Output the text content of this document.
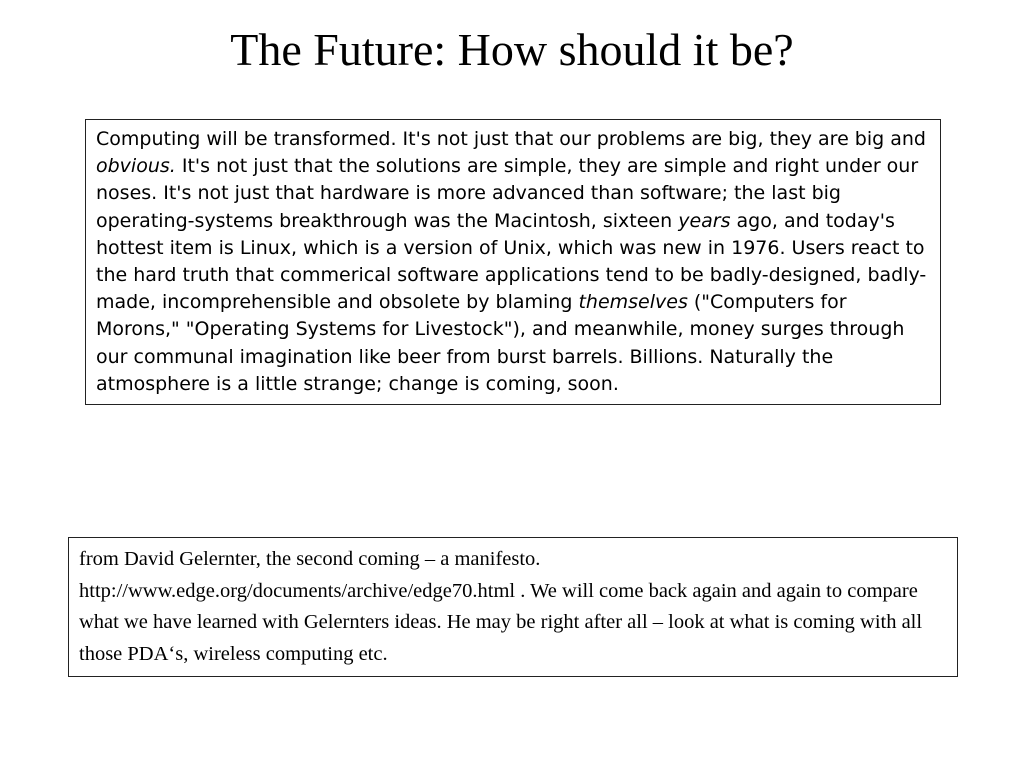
The Future: How should it be?

Computing will be transformed. It's not just that our problems are big, they are big and obvious. It's not just that the solutions are simple, they are simple and right under our noses. It's not just that hardware is more advanced than software; the last big operating-systems breakthrough was the Macintosh, sixteen years ago, and today's hottest item is Linux, which is a version of Unix, which was new in 1976. Users react to the hard truth that commerical software applications tend to be badly-designed, badly-made, incomprehensible and obsolete by blaming themselves ("Computers for Morons," "Operating Systems for Livestock"), and meanwhile, money surges through our communal imagination like beer from burst barrels. Billions. Naturally the atmosphere is a little strange; change is coming, soon.

from David Gelernter, the second coming – a manifesto. http://www.edge.org/documents/archive/edge70.html . We will come back again and again to compare what we have learned with Gelernters ideas. He may be right after all – look at what is coming with all those PDA‘s, wireless computing etc.
